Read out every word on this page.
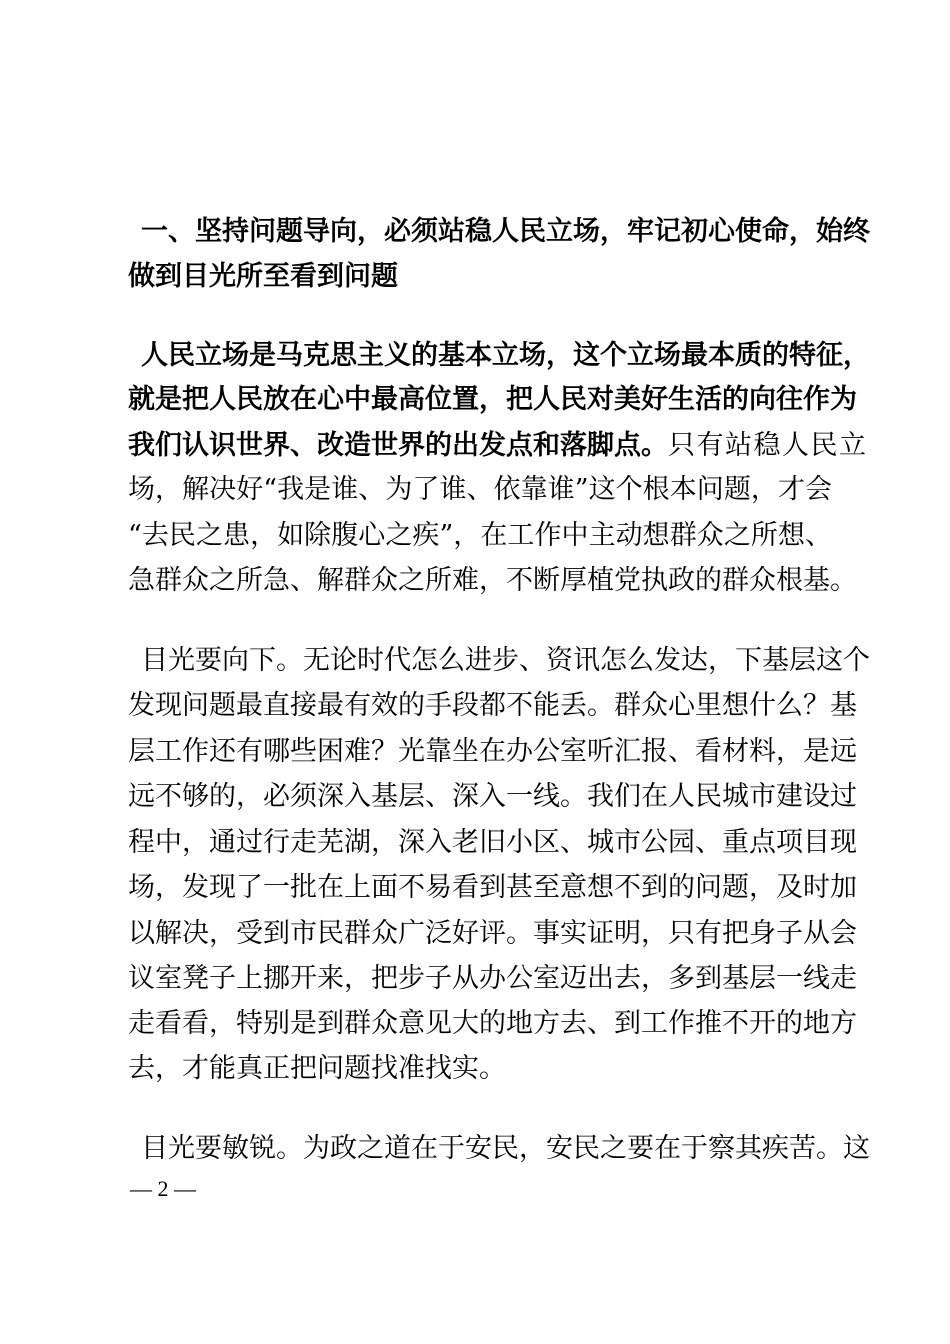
一、坚持问题导向，必须站稳人民立场，牢记初心使命，始终
做到目光所至看到问题
人民立场是马克思主义的基本立场，这个立场最本质的特征，
就是把人民放在心中最高位置，把人民对美好生活的向往作为
我们认识世界、改造世界的出发点和落脚点。只有站稳人民立
场，解决好“我是谁、为了谁、依靠谁”这个根本问题，才会
“去民之患，如除腹心之疾”，在工作中主动想群众之所想、
急群众之所急、解群众之所难，不断厚植党执政的群众根基。
目光要向下。无论时代怎么进步、资讯怎么发达，下基层这个
发现问题最直接最有效的手段都不能丢。群众心里想什么？基
层工作还有哪些困难？光靠坐在办公室听汇报、看材料，是远
远不够的，必须深入基层、深入一线。我们在人民城市建设过
程中，通过行走芜湖，深入老旧小区、城市公园、重点项目现
场，发现了一批在上面不易看到甚至意想不到的问题，及时加
以解决，受到市民群众广泛好评。事实证明，只有把身子从会
议室凳子上挪开来，把步子从办公室迈出去，多到基层一线走
走看看，特别是到群众意见大的地方去、到工作推不开的地方
去，才能真正把问题找准找实。
目光要敏锐。为政之道在于安民，安民之要在于察其疾苦。这
— 2 —
